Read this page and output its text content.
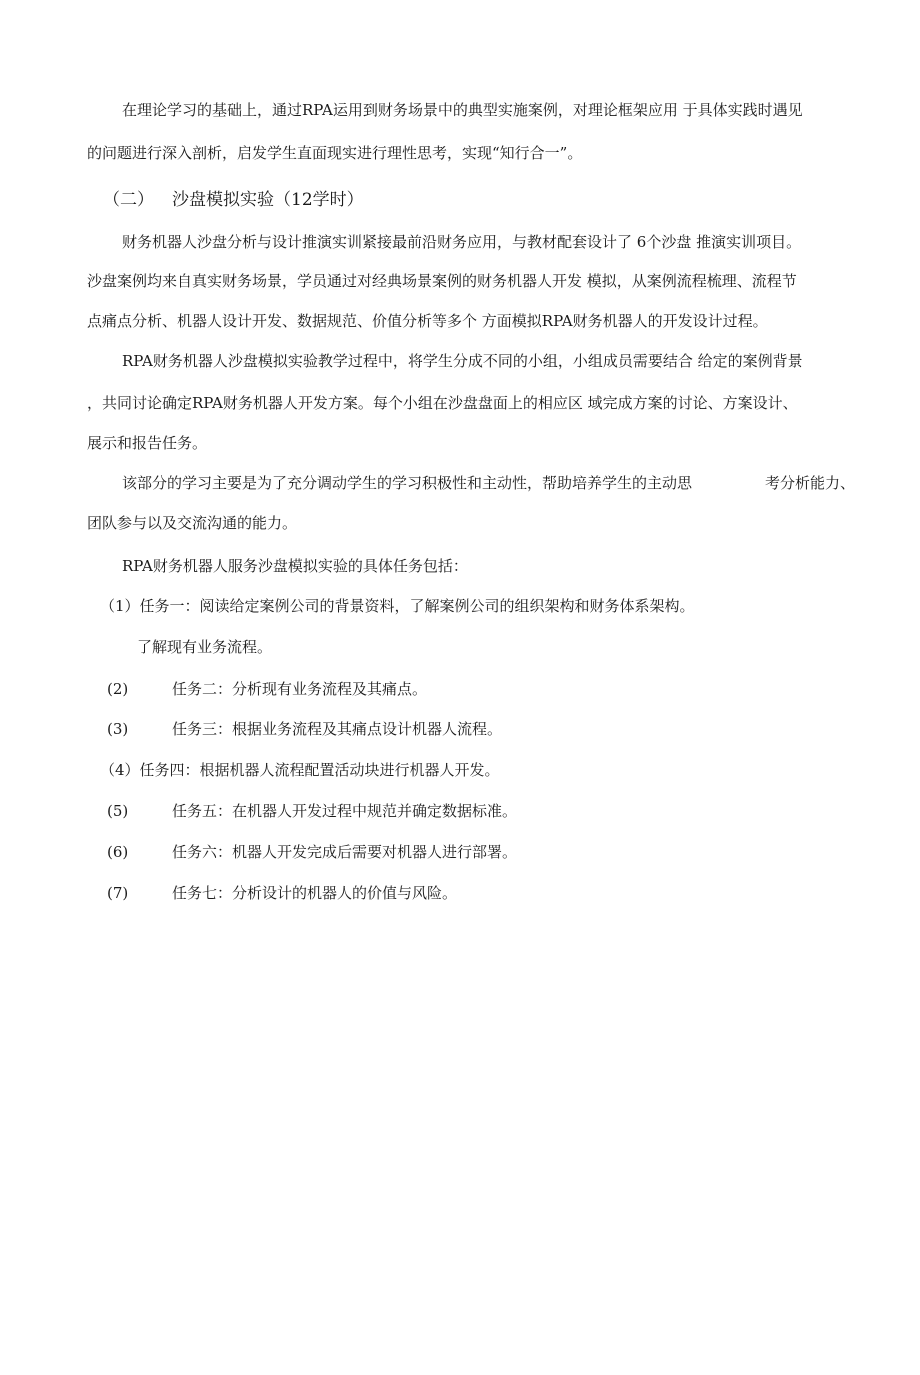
在理论学习的基础上，通过RPA运用到财务场景中的典型实施案例，对理论框架应用 于具体实践时遇见
的问题进行深入剖析，启发学生直面现实进行理性思考，实现“知行合一”。
（二） 沙盘模拟实验（12学时）
财务机器人沙盘分析与设计推演实训紧接最前沿财务应用，与教材配套设计了 6个沙盘 推演实训项目。
沙盘案例均来自真实财务场景，学员通过对经典场景案例的财务机器人开发 模拟，从案例流程梳理、流程节
点痛点分析、机器人设计开发、数据规范、价值分析等多个 方面模拟RPA财务机器人的开发设计过程。
RPA财务机器人沙盘模拟实验教学过程中，将学生分成不同的小组，小组成员需要结合 给定的案例背景
，共同讨论确定RPA财务机器人开发方案。每个小组在沙盘盘面上的相应区 域完成方案的讨论、方案设计、
展示和报告任务。
该部分的学习主要是为了充分调动学生的学习积极性和主动性，帮助培养学生的主动思	考分析能力、
团队参与以及交流沟通的能力。
RPA财务机器人服务沙盘模拟实验的具体任务包括：
（1）任务一：阅读给定案例公司的背景资料，了解案例公司的组织架构和财务体系架构。
了解现有业务流程。
(2)	任务二：分析现有业务流程及其痛点。
(3)	任务三：根据业务流程及其痛点设计机器人流程。
（4）任务四：根据机器人流程配置活动块进行机器人开发。
(5)	任务五：在机器人开发过程中规范并确定数据标准。
(6)	任务六：机器人开发完成后需要对机器人进行部署。
(7)	任务七：分析设计的机器人的价值与风险。
